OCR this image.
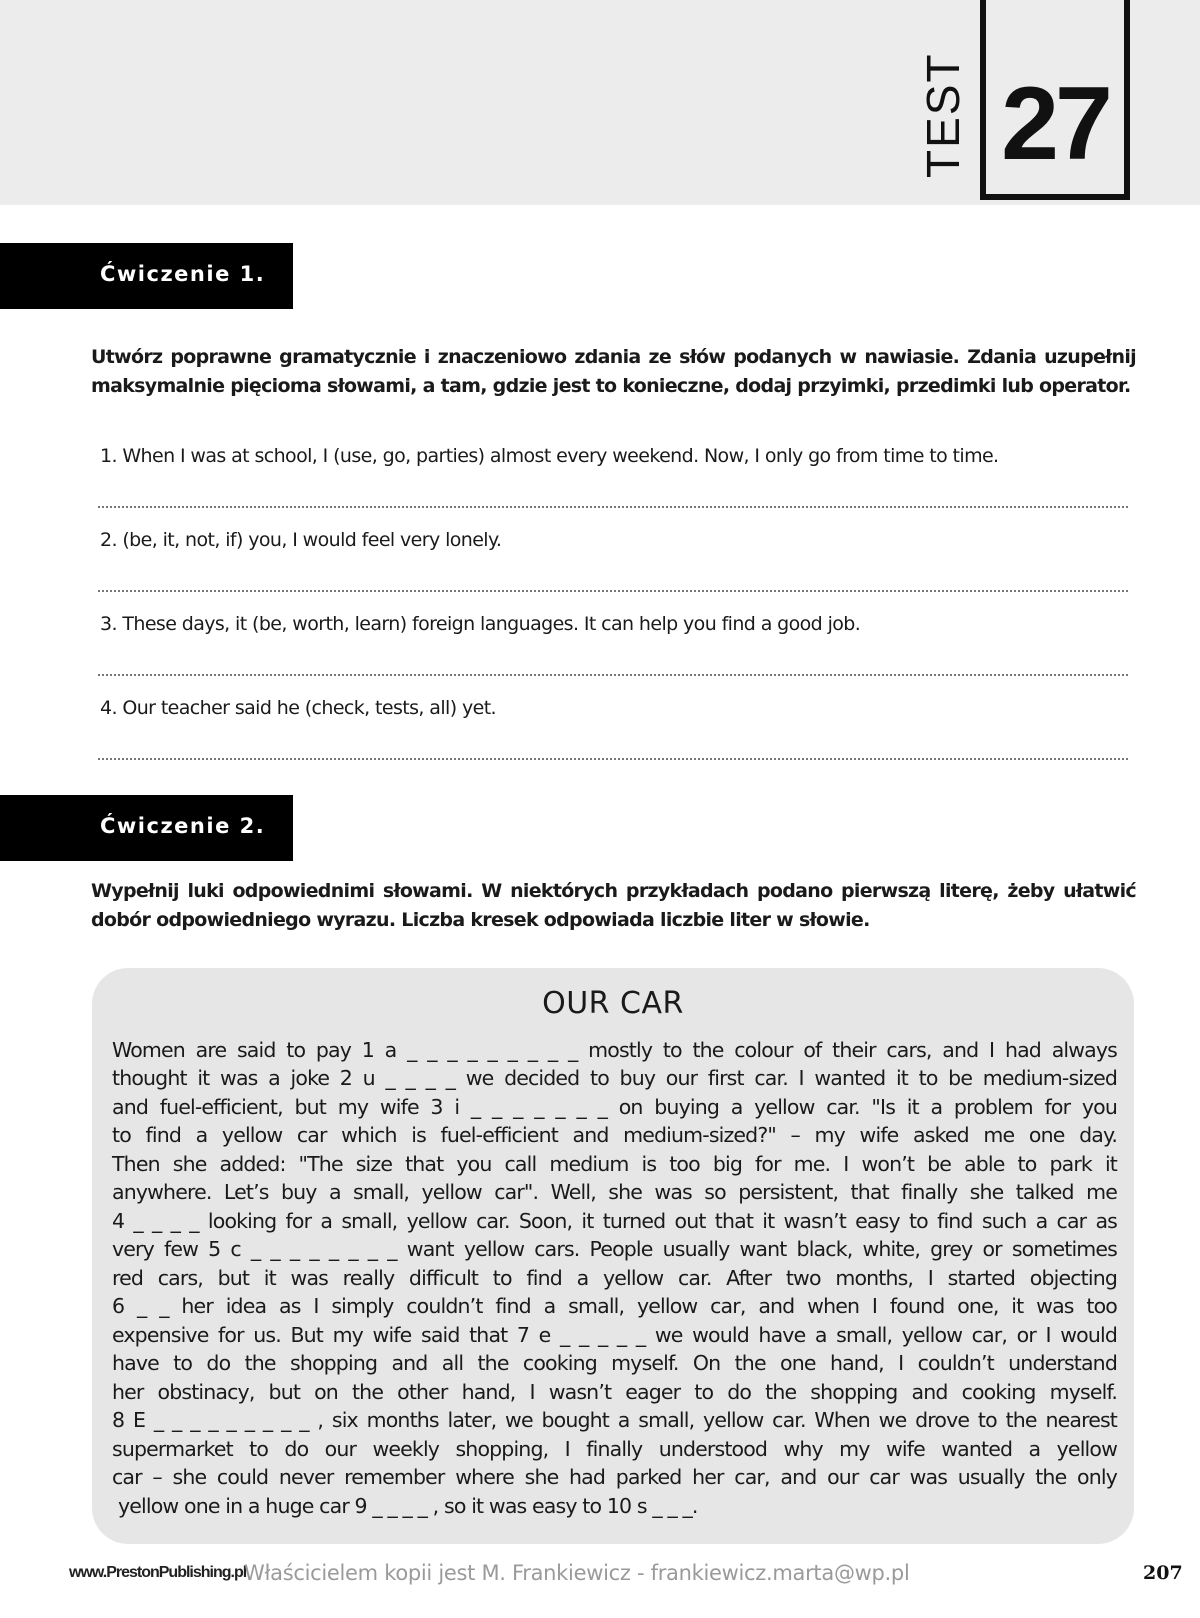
TEST 27
Ćwiczenie 1.
Utwórz poprawne gramatycznie i znaczeniowo zdania ze słów podanych w nawiasie. Zdania uzupełnij maksymalnie pięcioma słowami, a tam, gdzie jest to konieczne, dodaj przyimki, przedimki lub operator.
1. When I was at school, I (use, go, parties) almost every weekend. Now, I only go from time to time.
2. (be, it, not, if) you, I would feel very lonely.
3. These days, it (be, worth, learn) foreign languages. It can help you find a good job.
4. Our teacher said he (check, tests, all) yet.
Ćwiczenie 2.
Wypełnij luki odpowiednimi słowami. W niektórych przykładach podano pierwszą literę, żeby ułatwić dobór odpowiedniego wyrazu. Liczba kresek odpowiada liczbie liter w słowie.
OUR CAR
Women are said to pay 1 a _ _ _ _ _ _ _ _ _ mostly to the colour of their cars, and I had always
thought it was a joke 2 u _ _ _ _ we decided to buy our first car. I wanted it to be medium-sized
and fuel-efficient, but my wife 3 i _ _ _ _ _ _ _ on buying a yellow car. "Is it a problem for you
to find a yellow car which is fuel-efficient and medium-sized?" – my wife asked me one day.
Then she added: "The size that you call medium is too big for me. I won’t be able to park it
anywhere. Let’s buy a small, yellow car". Well, she was so persistent, that finally she talked me
4 _ _ _ _ looking for a small, yellow car. Soon, it turned out that it wasn’t easy to find such a car as
very few 5 c _ _ _ _ _ _ _ _ want yellow cars. People usually want black, white, grey or sometimes
red cars, but it was really difficult to find a yellow car. After two months, I started objecting
6 _ _ her idea as I simply couldn’t find a small, yellow car, and when I found one, it was too
expensive for us. But my wife said that 7 e _ _ _ _ _ we would have a small, yellow car, or I would
have to do the shopping and all the cooking myself. On the one hand, I couldn’t understand
her obstinacy, but on the other hand, I wasn’t eager to do the shopping and cooking myself.
8 E _ _ _ _ _ _ _ _ _ , six months later, we bought a small, yellow car. When we drove to the nearest
supermarket to do our weekly shopping, I finally understood why my wife wanted a yellow
car – she could never remember where she had parked her car, and our car was usually the only
yellow one in a huge car 9 _ _ _ _ , so it was easy to 10 s _ _ _.
www.PrestonPublishing.pl
Właścicielem kopii jest M. Frankiewicz - frankiewicz.marta@wp.pl	207
